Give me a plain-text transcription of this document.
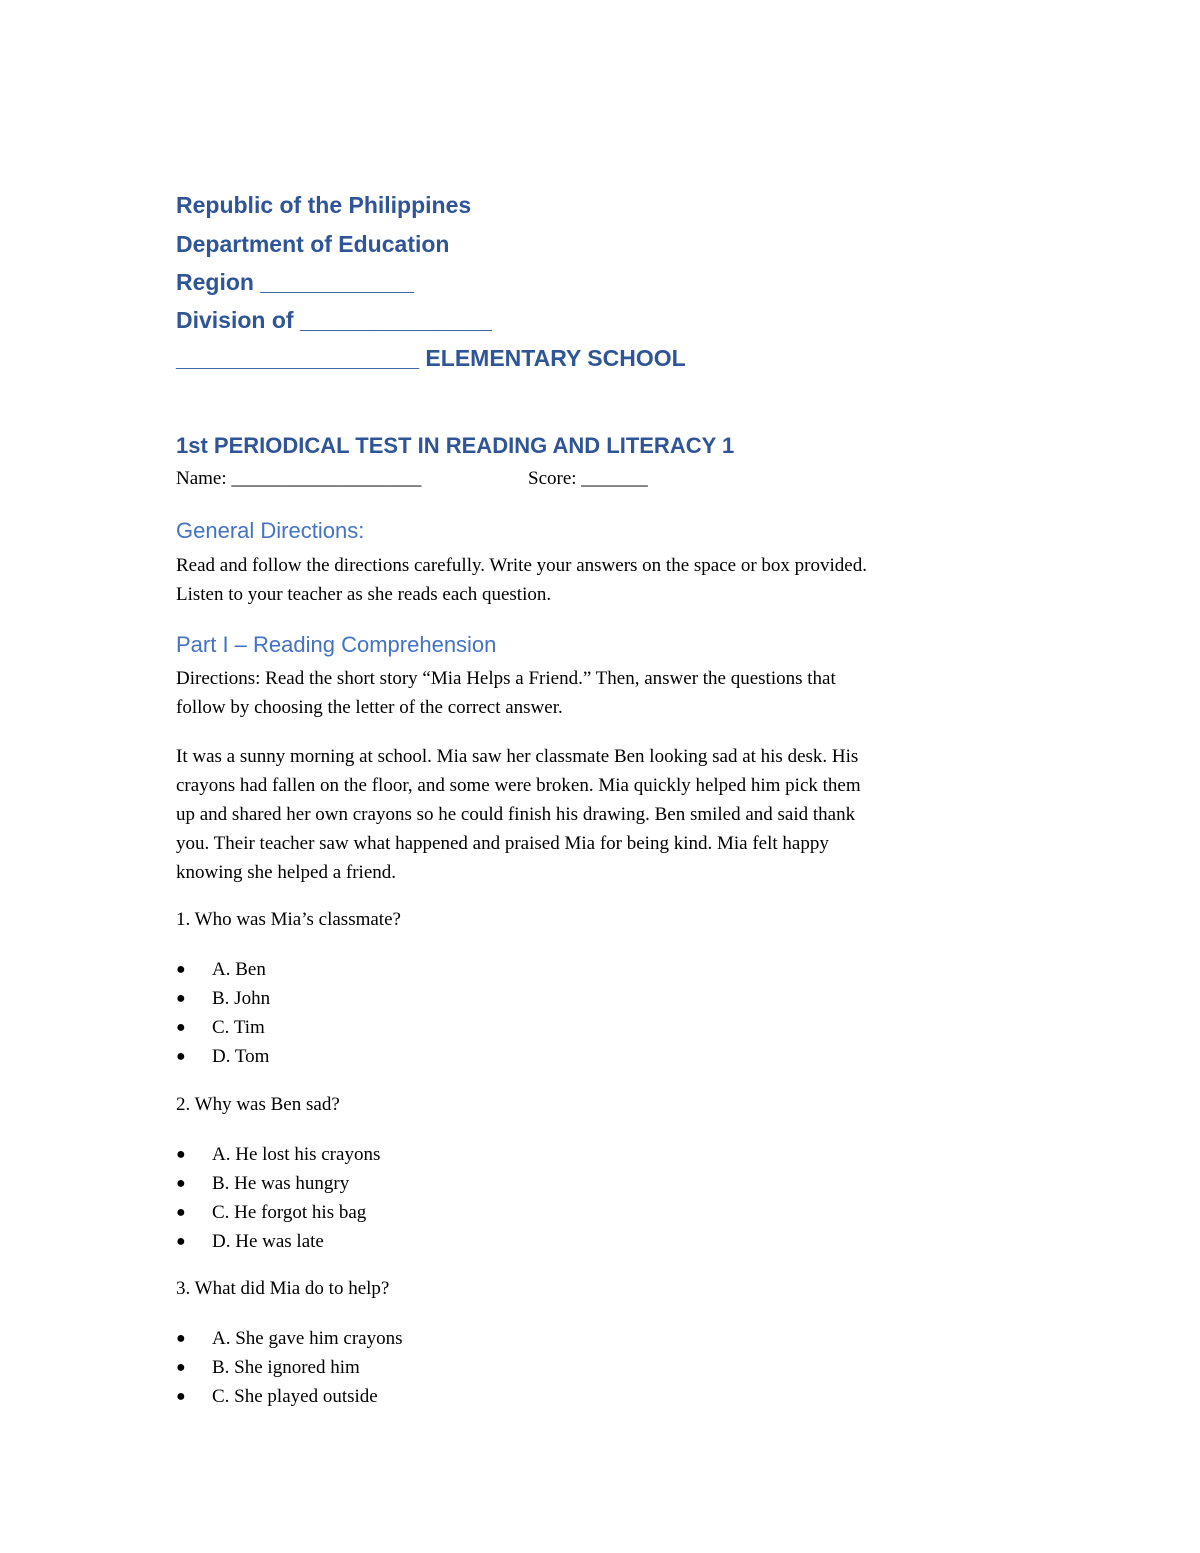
Republic of the Philippines

Department of Education

Region ____________

Division of _______________

___________________ ELEMENTARY SCHOOL

1st PERIODICAL TEST IN READING AND LITERACY 1

Name: ____________________	Score: _______

General Directions:

Read and follow the directions carefully. Write your answers on the space or box provided.
Listen to your teacher as she reads each question.

Part I – Reading Comprehension

Directions: Read the short story “Mia Helps a Friend.” Then, answer the questions that
follow by choosing the letter of the correct answer.
It was a sunny morning at school. Mia saw her classmate Ben looking sad at his desk. His
crayons had fallen on the floor, and some were broken. Mia quickly helped him pick them
up and shared her own crayons so he could finish his drawing. Ben smiled and said thank
you. Their teacher saw what happened and praised Mia for being kind. Mia felt happy
knowing she helped a friend.
1. Who was Mia’s classmate?
● A. Ben
● B. John
● C. Tim
● D. Tom
2. Why was Ben sad?
● A. He lost his crayons
● B. He was hungry
● C. He forgot his bag
● D. He was late
3. What did Mia do to help?
● A. She gave him crayons
● B. She ignored him
● C. She played outside
